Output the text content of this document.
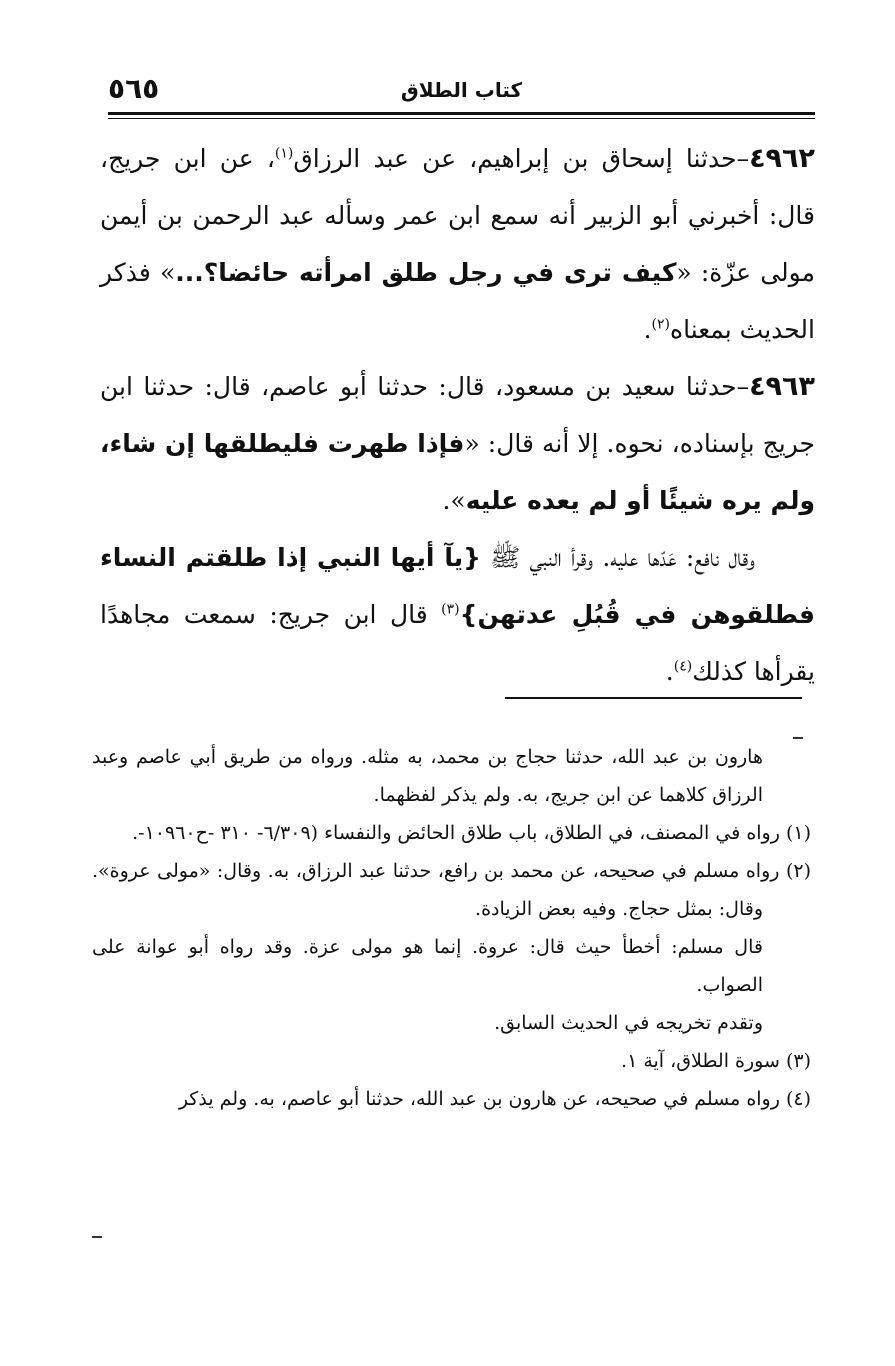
٥٦٥	كتاب الطلاق

٤٩٦٢–حدثنا إسحاق بن إبراهيم، عن عبد الرزاق$^{(١)}$، عن ابن جريج، قال: أخبرني أبو الزبير أنه سمع ابن عمر وسأله عبد الرحمن بن أيمن مولى عزّة: «كيف ترى في رجل طلق امرأته حائضا؟...» فذكر الحديث بمعناه$^{(٢)}$.

٤٩٦٣–حدثنا سعيد بن مسعود، قال: حدثنا أبو عاصم، قال: حدثنا ابن جريج بإسناده، نحوه. إلا أنه قال: «فإذا طهرت فليطلقها إن شاء، ولم يره شيئًا أو لم يعده عليه».

وقال نافع: عَدّها عليه. وقرأ النبي ﷺ {يآ أيها النبي إذا طلقتم النساء فطلقوهن في قُبُلِ عدتهن}$^{(٣)}$ قال ابن جريج: سمعت مجاهدًا يقرأها كذلك$^{(٤)}$.

هارون بن عبد الله، حدثنا حجاج بن محمد، به مثله. ورواه من طريق أبي عاصم وعبد الرزاق كلاهما عن ابن جريج، به. ولم يذكر لفظهما.

(١) رواه في المصنف، في الطلاق، باب طلاق الحائض والنفساء (٦/٣٠٩- ٣١٠ -ح١٠٩٦٠-.

(٢) رواه مسلم في صحيحه، عن محمد بن رافع، حدثنا عبد الرزاق، به. وقال: «مولى عروة». وقال: بمثل حجاج. وفيه بعض الزيادة.

قال مسلم: أخطأ حيث قال: عروة. إنما هو مولى عزة. وقد رواه أبو عوانة على الصواب.

وتقدم تخريجه في الحديث السابق.

(٣) سورة الطلاق، آية ١.

(٤) رواه مسلم في صحيحه، عن هارون بن عبد الله، حدثنا أبو عاصم، به. ولم يذكر
